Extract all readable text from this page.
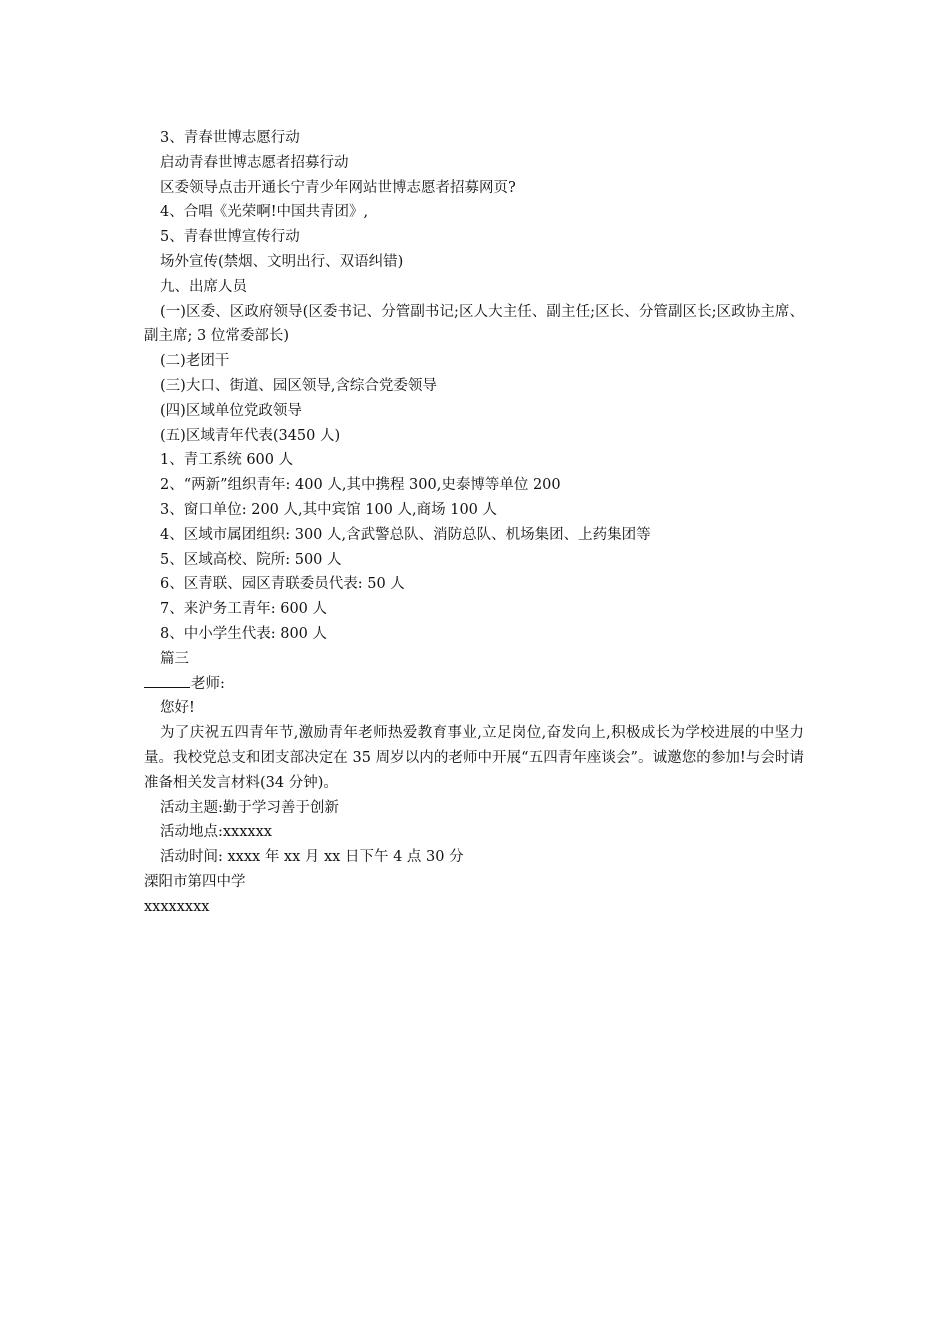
3、青春世博志愿行动

启动青春世博志愿者招募行动

区委领导点击开通长宁青少年网站世博志愿者招募网页?

4、合唱《光荣啊!中国共青团》,

5、青春世博宣传行动

场外宣传(禁烟、文明出行、双语纠错)

九、出席人员

(一)区委、区政府领导(区委书记、分管副书记;区人大主任、副主任;区长、分管副区长;区政协主席、副主席; 3 位常委部长)

(二)老团干

(三)大口、街道、园区领导,含综合党委领导

(四)区域单位党政领导

(五)区域青年代表(3450 人)

1、青工系统 600 人

2、“两新”组织青年: 400 人,其中携程 300,史泰博等单位 200

3、窗口单位: 200 人,其中宾馆 100 人,商场 100 人

4、区域市属团组织: 300 人,含武警总队、消防总队、机场集团、上药集团等

5、区域高校、院所: 500 人

6、区青联、园区青联委员代表: 50 人

7、来沪务工青年: 600 人

8、中小学生代表: 800 人

篇三

老师:

您好!

为了庆祝五四青年节,激励青年老师热爱教育事业,立足岗位,奋发向上,积极成长为学校进展的中坚力量。我校党总支和团支部决定在 35 周岁以内的老师中开展“五四青年座谈会”。诚邀您的参加!与会时请准备相关发言材料(34 分钟)。

活动主题:勤于学习善于创新

活动地点:xxxxxx

活动时间: xxxx 年 xx 月 xx 日下午 4 点 30 分

溧阳市第四中学

xxxxxxxx
